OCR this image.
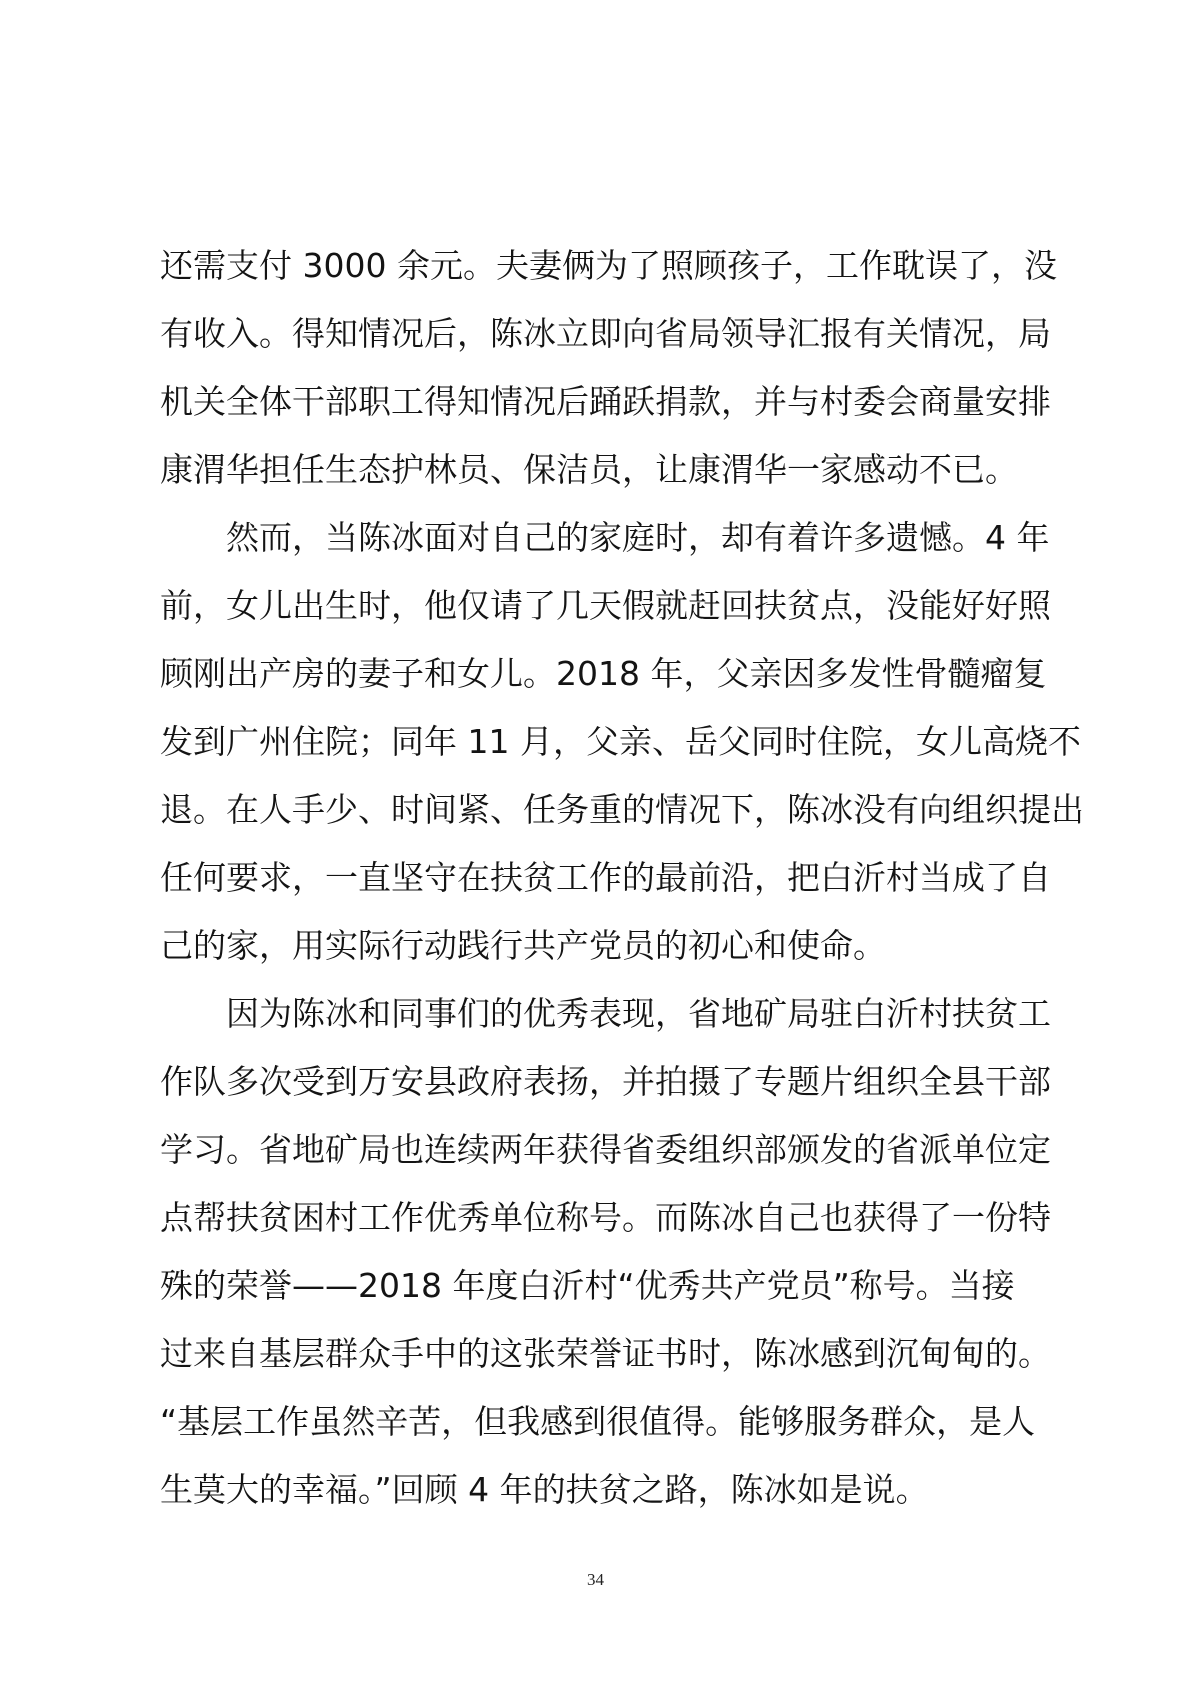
还需支付 3000 余元。夫妻俩为了照顾孩子，工作耽误了，没
有收入。得知情况后，陈冰立即向省局领导汇报有关情况，局
机关全体干部职工得知情况后踊跃捐款，并与村委会商量安排
康渭华担任生态护林员、保洁员，让康渭华一家感动不已。
　　然而，当陈冰面对自己的家庭时，却有着许多遗憾。4 年
前，女儿出生时，他仅请了几天假就赶回扶贫点，没能好好照
顾刚出产房的妻子和女儿。2018 年，父亲因多发性骨髓瘤复
发到广州住院；同年 11 月，父亲、岳父同时住院，女儿高烧不
退。在人手少、时间紧、任务重的情况下，陈冰没有向组织提出
任何要求，一直坚守在扶贫工作的最前沿，把白沂村当成了自
己的家，用实际行动践行共产党员的初心和使命。
　　因为陈冰和同事们的优秀表现，省地矿局驻白沂村扶贫工
作队多次受到万安县政府表扬，并拍摄了专题片组织全县干部
学习。省地矿局也连续两年获得省委组织部颁发的省派单位定
点帮扶贫困村工作优秀单位称号。而陈冰自己也获得了一份特
殊的荣誉——2018 年度白沂村“优秀共产党员”称号。当接
过来自基层群众手中的这张荣誉证书时，陈冰感到沉甸甸的。
“基层工作虽然辛苦，但我感到很值得。能够服务群众，是人
生莫大的幸福。”回顾 4 年的扶贫之路，陈冰如是说。
34
